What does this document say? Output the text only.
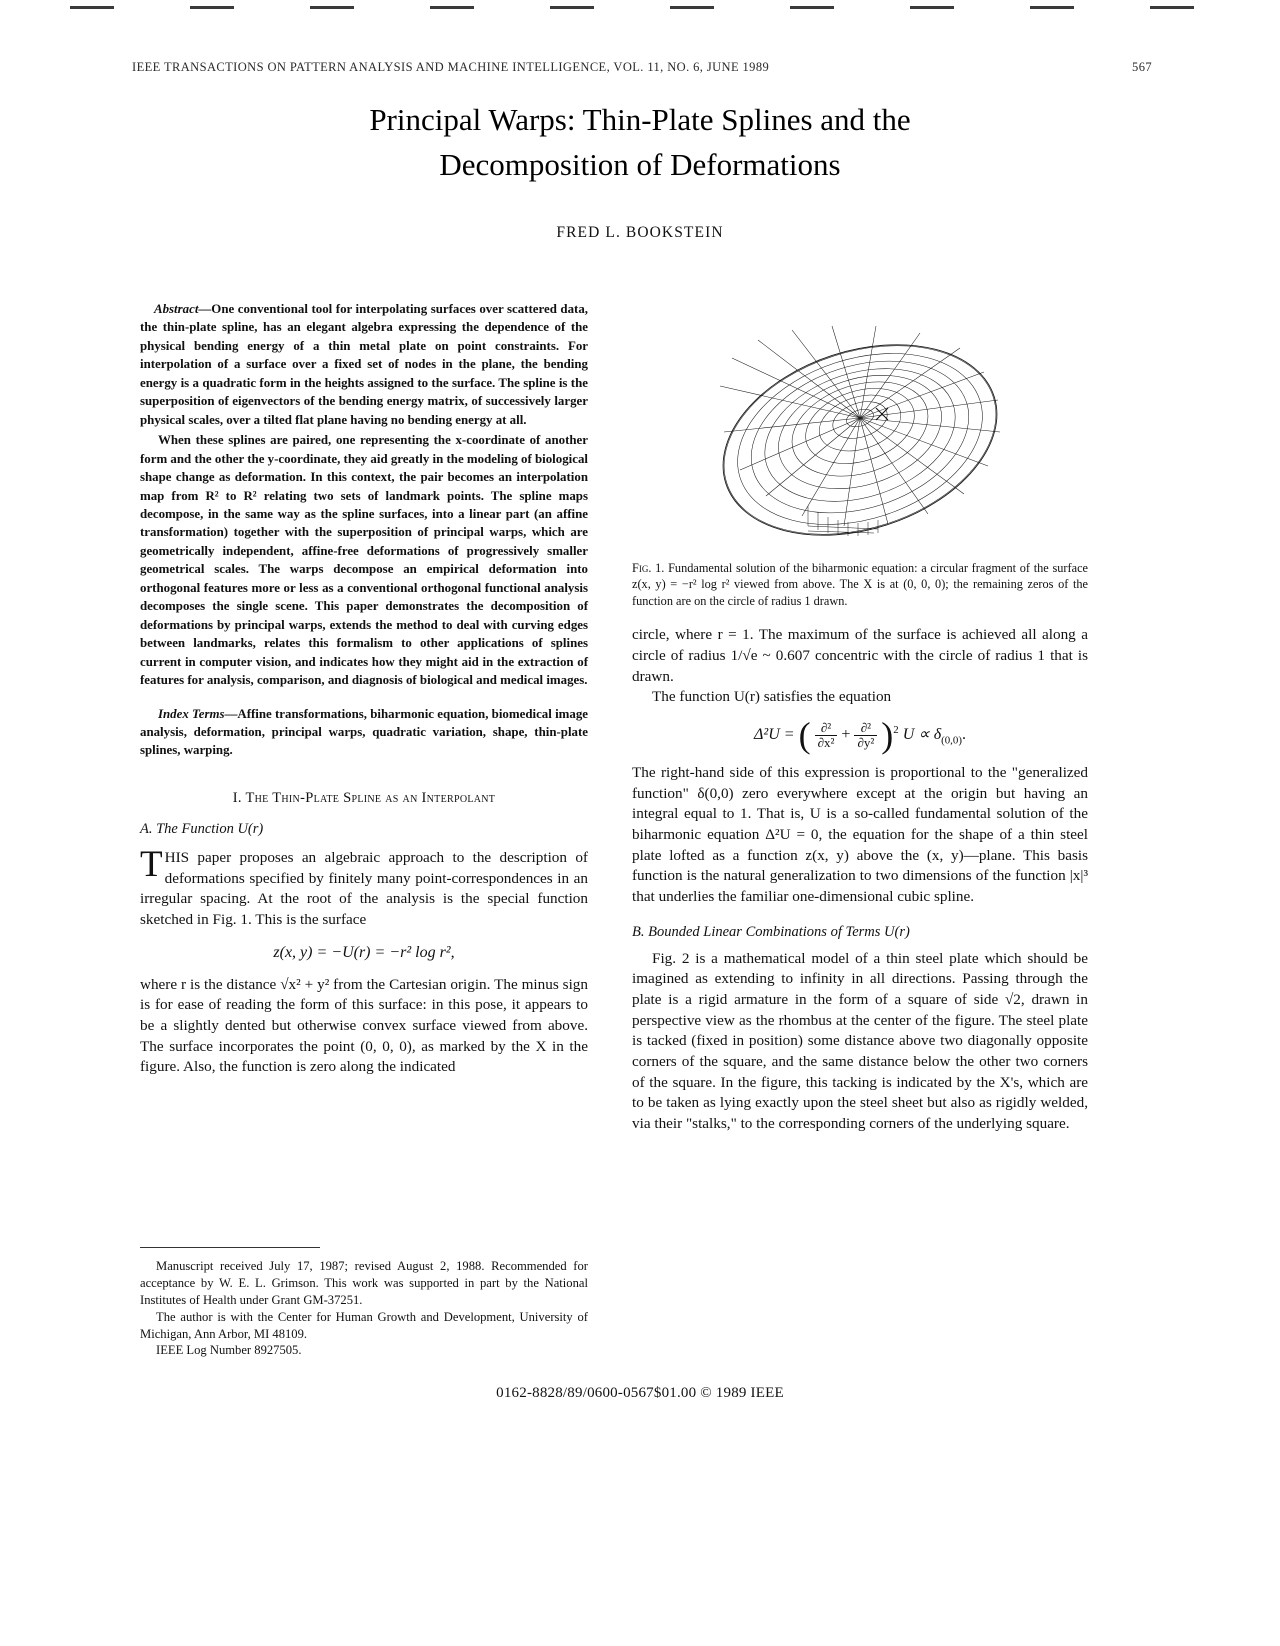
IEEE TRANSACTIONS ON PATTERN ANALYSIS AND MACHINE INTELLIGENCE, VOL. 11, NO. 6, JUNE 1989	567
Principal Warps: Thin-Plate Splines and the
Decomposition of Deformations
FRED L. BOOKSTEIN

Abstract—One conventional tool for interpolating surfaces over scattered data, the thin-plate spline, has an elegant algebra expressing the dependence of the physical bending energy of a thin metal plate on point constraints. For interpolation of a surface over a fixed set of nodes in the plane, the bending energy is a quadratic form in the heights assigned to the surface. The spline is the superposition of eigenvectors of the bending energy matrix, of successively larger physical scales, over a tilted flat plane having no bending energy at all.

When these splines are paired, one representing the x-coordinate of another form and the other the y-coordinate, they aid greatly in the modeling of biological shape change as deformation. In this context, the pair becomes an interpolation map from R² to R² relating two sets of landmark points. The spline maps decompose, in the same way as the spline surfaces, into a linear part (an affine transformation) together with the superposition of principal warps, which are geometrically independent, affine-free deformations of progressively smaller geometrical scales. The warps decompose an empirical deformation into orthogonal features more or less as a conventional orthogonal functional analysis decomposes the single scene. This paper demonstrates the decomposition of deformations by principal warps, extends the method to deal with curving edges between landmarks, relates this formalism to other applications of splines current in computer vision, and indicates how they might aid in the extraction of features for analysis, comparison, and diagnosis of biological and medical images.

Index Terms—Affine transformations, biharmonic equation, biomedical image analysis, deformation, principal warps, quadratic variation, shape, thin-plate splines, warping.
I. The Thin-Plate Spline as an Interpolant
A. The Function U(r)
THIS paper proposes an algebraic approach to the description of deformations specified by finitely many point-correspondences in an irregular spacing. At the root of the analysis is the special function sketched in Fig. 1. This is the surface
z(x, y) = −U(r) = −r² log r²,

where r is the distance √x² + y² from the Cartesian origin. The minus sign is for ease of reading the form of this surface: in this pose, it appears to be a slightly dented but otherwise convex surface viewed from above. The surface incorporates the point (0, 0, 0), as marked by the X in the figure. Also, the function is zero along the indicated

Fig. 1. Fundamental solution of the biharmonic equation: a circular fragment of the surface z(x, y) = −r² log r² viewed from above. The X is at (0, 0, 0); the remaining zeros of the function are on the circle of radius 1 drawn.

circle, where r = 1. The maximum of the surface is achieved all along a circle of radius 1/√e ~ 0.607 concentric with the circle of radius 1 that is drawn.

The function U(r) satisfies the equation

Δ²U = ( $\frac{\text{∂²}}{\text{∂x²}} + \frac{\text{∂²}}{\text{∂y²}} )^2$ $U \propto \delta_{(0,0)}$.

The right-hand side of this expression is proportional to the "generalized function" δ(0,0) zero everywhere except at the origin but having an integral equal to 1. That is, U is a so-called fundamental solution of the biharmonic equation Δ²U = 0, the equation for the shape of a thin steel plate lofted as a function z(x, y) above the (x, y)—plane. This basis function is the natural generalization to two dimensions of the function |x|³ that underlies the familiar one-dimensional cubic spline.

B. Bounded Linear Combinations of Terms U(r)

Fig. 2 is a mathematical model of a thin steel plate which should be imagined as extending to infinity in all directions. Passing through the plate is a rigid armature in the form of a square of side √2, drawn in perspective view as the rhombus at the center of the figure. The steel plate is tacked (fixed in position) some distance above two diagonally opposite corners of the square, and the same distance below the other two corners of the square. In the figure, this tacking is indicated by the X's, which are to be taken as lying exactly upon the steel sheet but also as rigidly welded, via their "stalks," to the corresponding corners of the underlying square.

Manuscript received July 17, 1987; revised August 2, 1988. Recommended for acceptance by W. E. L. Grimson. This work was supported in part by the National Institutes of Health under Grant GM-37251.

The author is with the Center for Human Growth and Development, University of Michigan, Ann Arbor, MI 48109.

IEEE Log Number 8927505.

0162-8828/89/0600-0567$01.00 © 1989 IEEE
